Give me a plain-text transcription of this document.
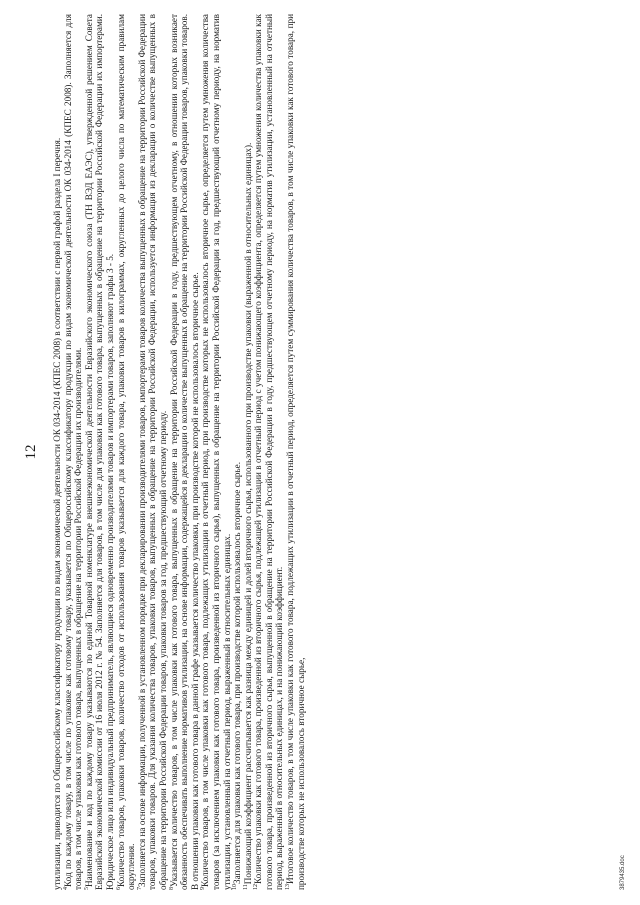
12 утилизации, приводится по Общероссийскому классификатору продукции по видам экономической деятельности ОК 034-2014 (КПЕС 2008) в соответствии с первой графой раздела I перечня. $^4$Код по каждому товару, в том числе по упаковке как готовому товару, указывается по Общероссийскому классификатору продукции по видам экономической деятельности ОК 034-2014 (КПЕС 2008). Заполняется для товаров, в том числе упаковки как готового товара, выпущенных в обращение на территории Российской Федерации их производителями. $^5$Наименование и код по каждому товару указываются по единой Товарной номенклатуре внешнеэкономической деятельности Евразийского экономического союза (ТН ВЭД ЕАЭС), утвержденной решением Совета Евразийской экономической комиссии от 16 июля 2012 г. № 54. Заполняется для товаров, в том числе для упаковки как готового товара, выпущенных в обращение на территории Российской Федерации их импортерами. Юридическое лицо или индивидуальный предприниматель, являющиеся одновременно производителями товаров и импортерами товаров, заполняют графы 3 - 5. $^6$Количество товаров, упаковки товаров, количество отходов от использования товаров указывается для каждого товара, упаковки товаров в килограммах, округленных до целого числа по математическим правилам округления. $^7$Заполняется на основе информации, полученной в установленном порядке при декларировании производителями товаров, импортерами товаров количества выпущенных в обращение на территории Российской Федерации товаров, упаковки товаров. Для указания количества товаров, упаковки товаров, выпущенных в обращение на территории Российской Федерации, используется информация из декларации о количестве выпущенных в обращение на территории Российской Федерации товаров, упаковки товаров за год, предшествующий отчетному периоду. $^8$Указывается количество товаров, в том числе упаковки как готового товара, выпущенных в обращение на территории Российской Федерации в году, предшествующем отчетному, в отношении которых возникает обязанность обеспечивать выполнение нормативов утилизации, на основе информации, содержащейся в декларации о количестве выпущенных в обращение на территории Российской Федерации товаров, упаковки товаров. В отношении упаковки как готового товара в данной графе указывается количество упаковки, при производстве которой не использовалось вторичное сырье. $^9$Количество товаров, в том числе упаковки как готового товара, подлежащих утилизации в отчетный период, при производстве которых не использовалось вторичное сырье, определяется путем умножения количества товаров (за исключением упаковки как готового товара, произведенной из вторичного сырья), выпущенных в обращение на территории Российской Федерации за год, предшествующий отчетному периоду, на норматив утилизации, установленный на отчетный период, выраженный в относительных единицах. $^{10}$Заполняется для упаковки как готового товара, при производстве которой использовалось вторичное сырье.

$^{11}$Понижающий коэффициент рассчитывается как разница между единицей и долей вторичного сырья, использованного при производстве упаковки (выраженной в относительных единицах).

$^{12}$Количество упаковки как готового товара, произведенной из вторичного сырья, подлежащей утилизации в отчетный период с учетом понижающего коэффициента, определяется путем умножения количества упаковки как готового товара, произведенной из вторичного сырья, выпущенной в обращение на территории Российской Федерации в году, предшествующем отчетному периоду, на норматив утилизации, установленный на отчетный период, выраженный в относительных единицах, и на понижающий коэффициент. $^{13}$Итоговое количество товаров, в том числе упаковки как готового товара, подлежащих утилизации в отчетный период, определяется путем суммирования количества товаров, в том числе упаковки как готового товара, при производстве которых не использовалось вторичное сырье,	3879435.doc
